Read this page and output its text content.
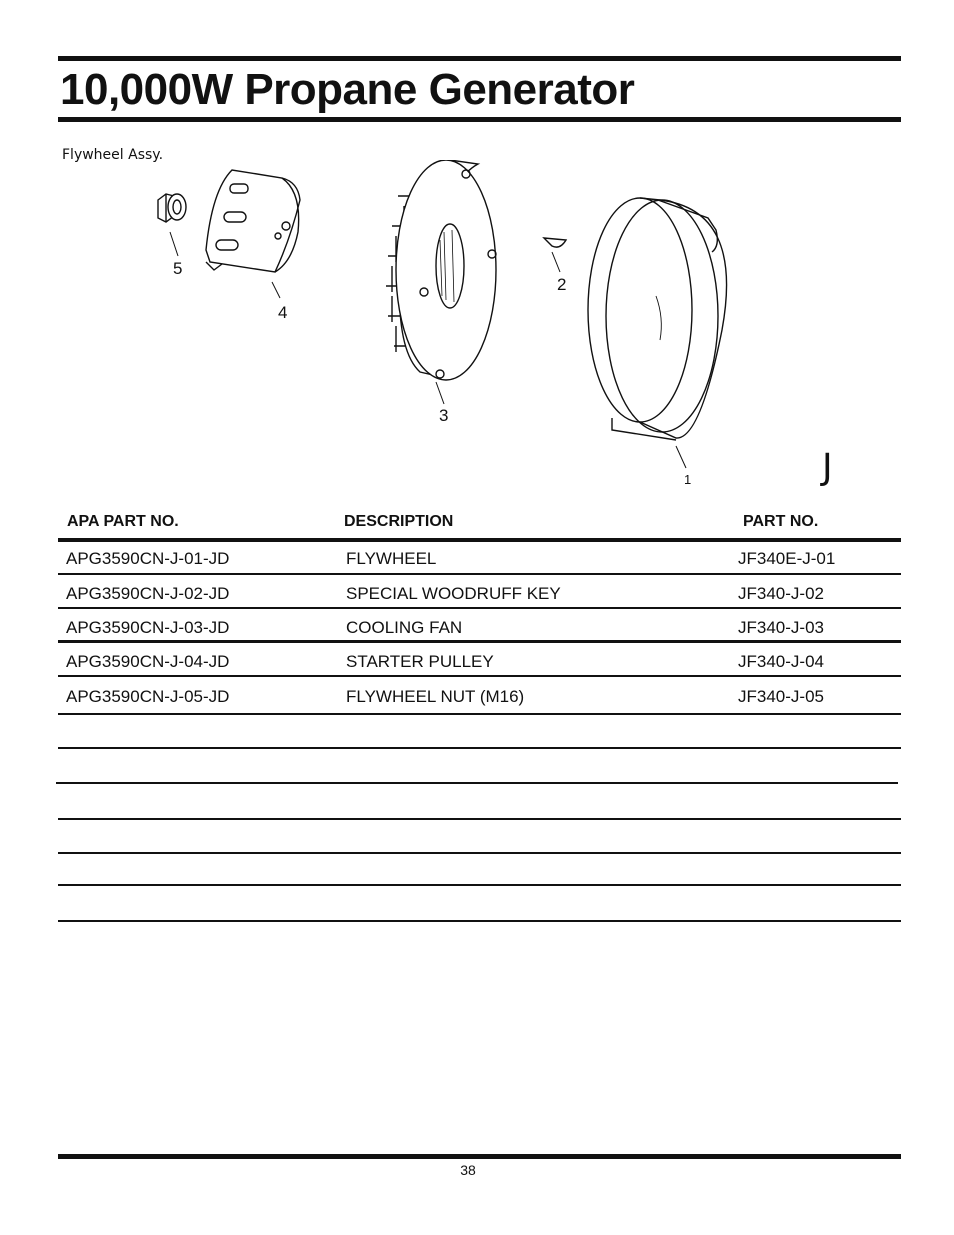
10,000W Propane Generator

Flywheel Assy.

5
4
3
2
1	J
APA PART NO.	DESCRIPTION	PART NO.
APG3590CN-J-01-JD	FLYWHEEL	JF340E-J-01
APG3590CN-J-02-JD	SPECIAL WOODRUFF KEY	JF340-J-02
APG3590CN-J-03-JD	COOLING FAN	JF340-J-03
APG3590CN-J-04-JD	STARTER PULLEY	JF340-J-04
APG3590CN-J-05-JD	FLYWHEEL NUT (M16)	JF340-J-05
38
